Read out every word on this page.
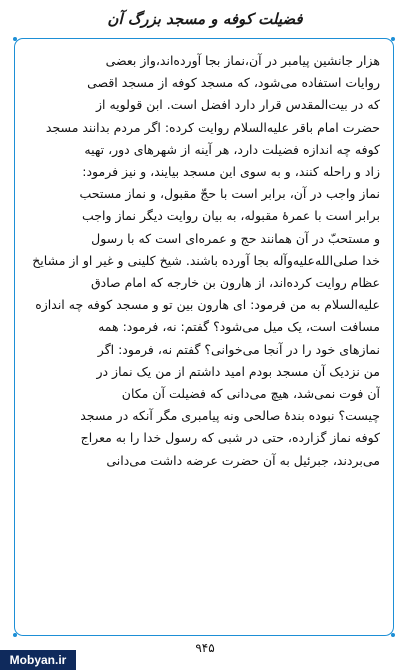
فضیلت کوفه و مسجد بزرگ آن
هزار جانشین پیامبر در آن،نماز بجا آورده‌اند،واز بعضی
روایات استفاده می‌شود، که مسجد کوفه از مسجد اقصی
که در بیت‌المقدس قرار دارد افضل است. ابن قولویه از
حضرت امام باقر عليه‌السلام روایت کرده: اگر مردم بدانند مسجد
کوفه چه اندازه فضیلت دارد، هر آینه از شهرهای دور، تهیه
زاد و راحله کنند، و به سوی این مسجد بیایند، و نیز فرمود:
نماز واجب در آن، برابر است با حجّ مقبول، و نماز مستحب
برابر است با عمرهٔ مقبوله، به بیان روایت دیگر نماز واجب
و مستحبّ در آن همانند حج و عمره‌ای است که با رسول
خدا صلى‌الله‌عليه‌وآله بجا آورده باشند. شیخ کلینی و غیر او از مشایخ
عظام روایت کرده‌اند، از هارون بن خارجه که امام صادق
عليه‌السلام به من فرمود: ای هارون بین تو و مسجد کوفه چه اندازه
مسافت است، یک میل می‌شود؟ گفتم: نه، فرمود: همه
نمازهای خود را در آنجا می‌خوانی؟ گفتم نه، فرمود: اگر
من نزدیک آن مسجد بودم امید داشتم از من یک نماز در
آن فوت نمی‌شد، هیچ می‌دانی که فضیلت آن مکان
چیست؟ نبوده بندهٔ صالحی ونه پیامبری مگر آنکه در مسجد
کوفه نماز گزارده، حتی در شبی که رسول خدا را به معراج
می‌بردند، جبرئیل به آن حضرت عرضه داشت می‌دانی
۹۴۵
Mobyan.ir
